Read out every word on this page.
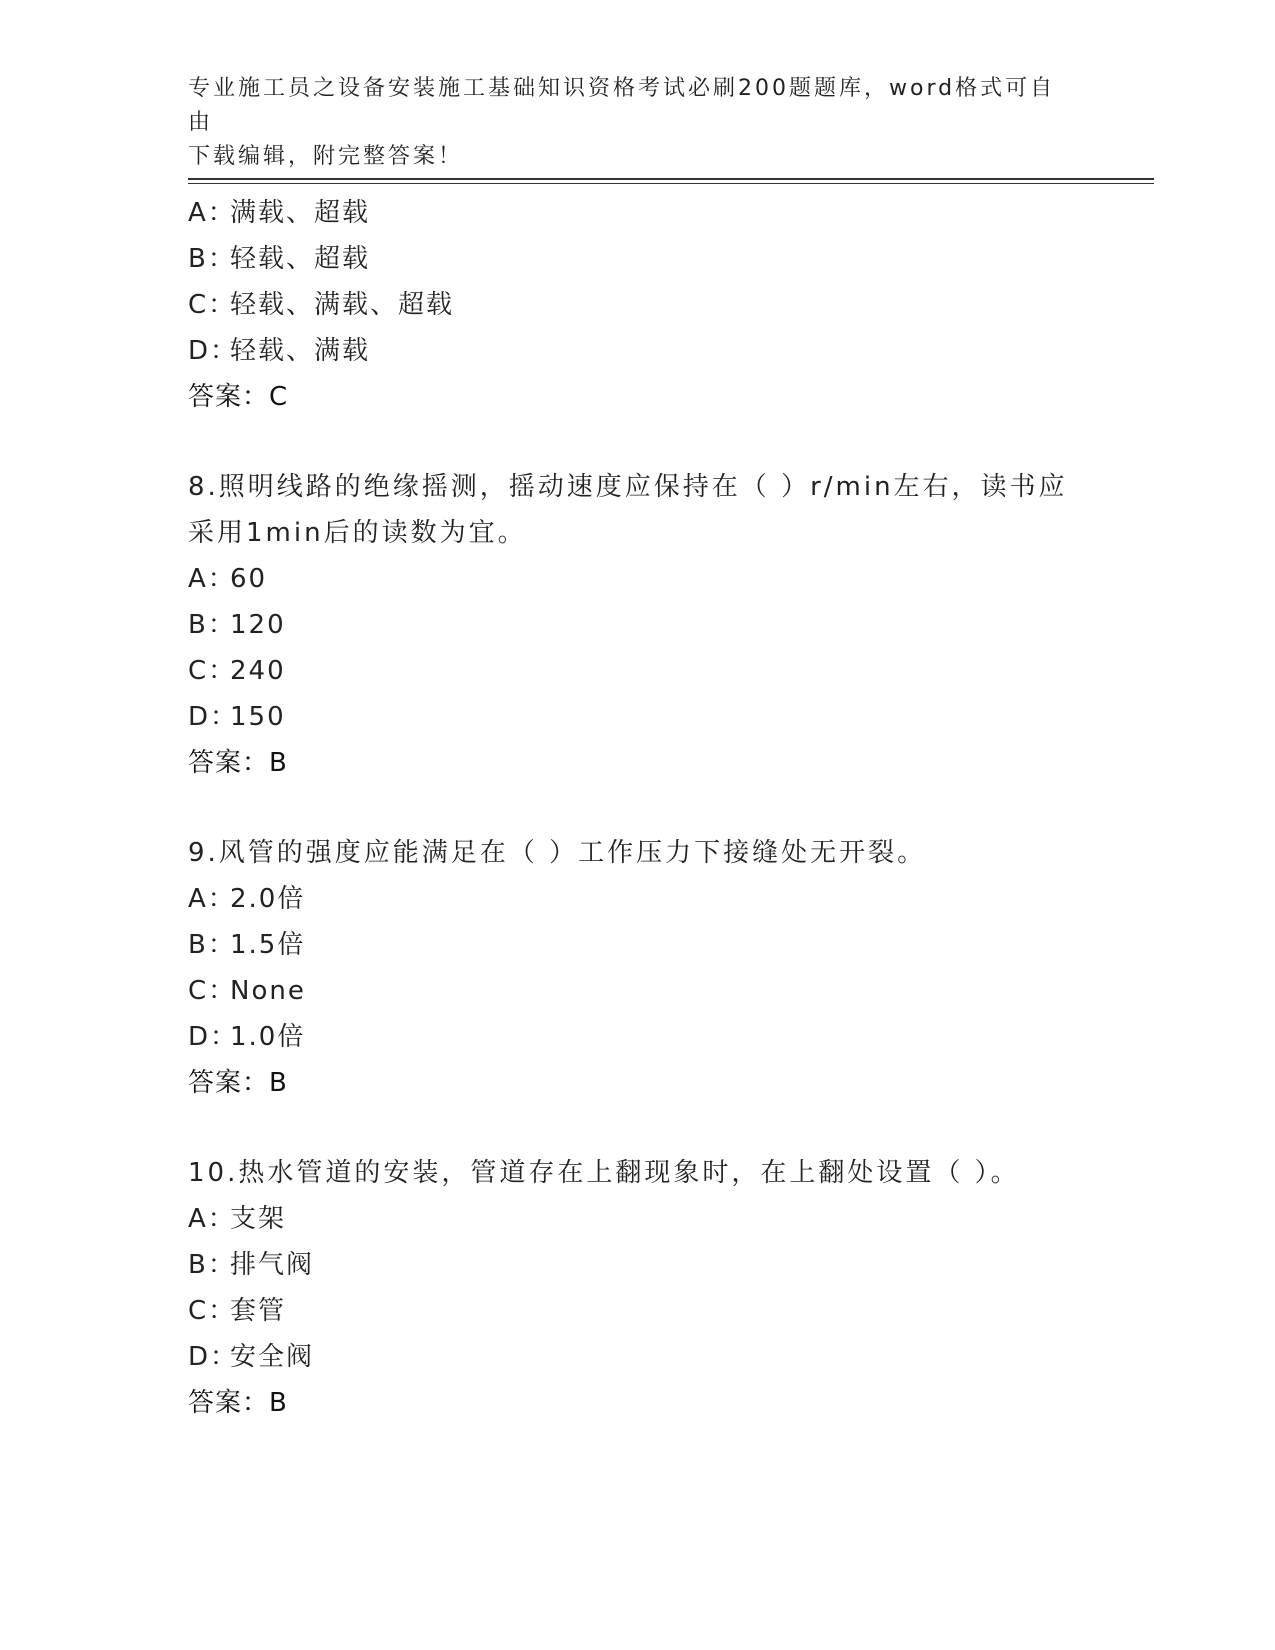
专业施工员之设备安装施工基础知识资格考试必刷200题题库，word格式可自由
下载编辑，附完整答案！
A：满载、超载
B：轻载、超载
C：轻载、满载、超载
D：轻载、满载
答案：C
8.照明线路的绝缘摇测，摇动速度应保持在（ ）r/min左右，读书应
采用1min后的读数为宜。
A：60
B：120
C：240
D：150
答案：B
9.风管的强度应能满足在（ ）工作压力下接缝处无开裂。
A：2.0倍
B：1.5倍
C：None
D：1.0倍
答案：B
10.热水管道的安装，管道存在上翻现象时，在上翻处设置（ ）。
A：支架
B：排气阀
C：套管
D：安全阀
答案：B
